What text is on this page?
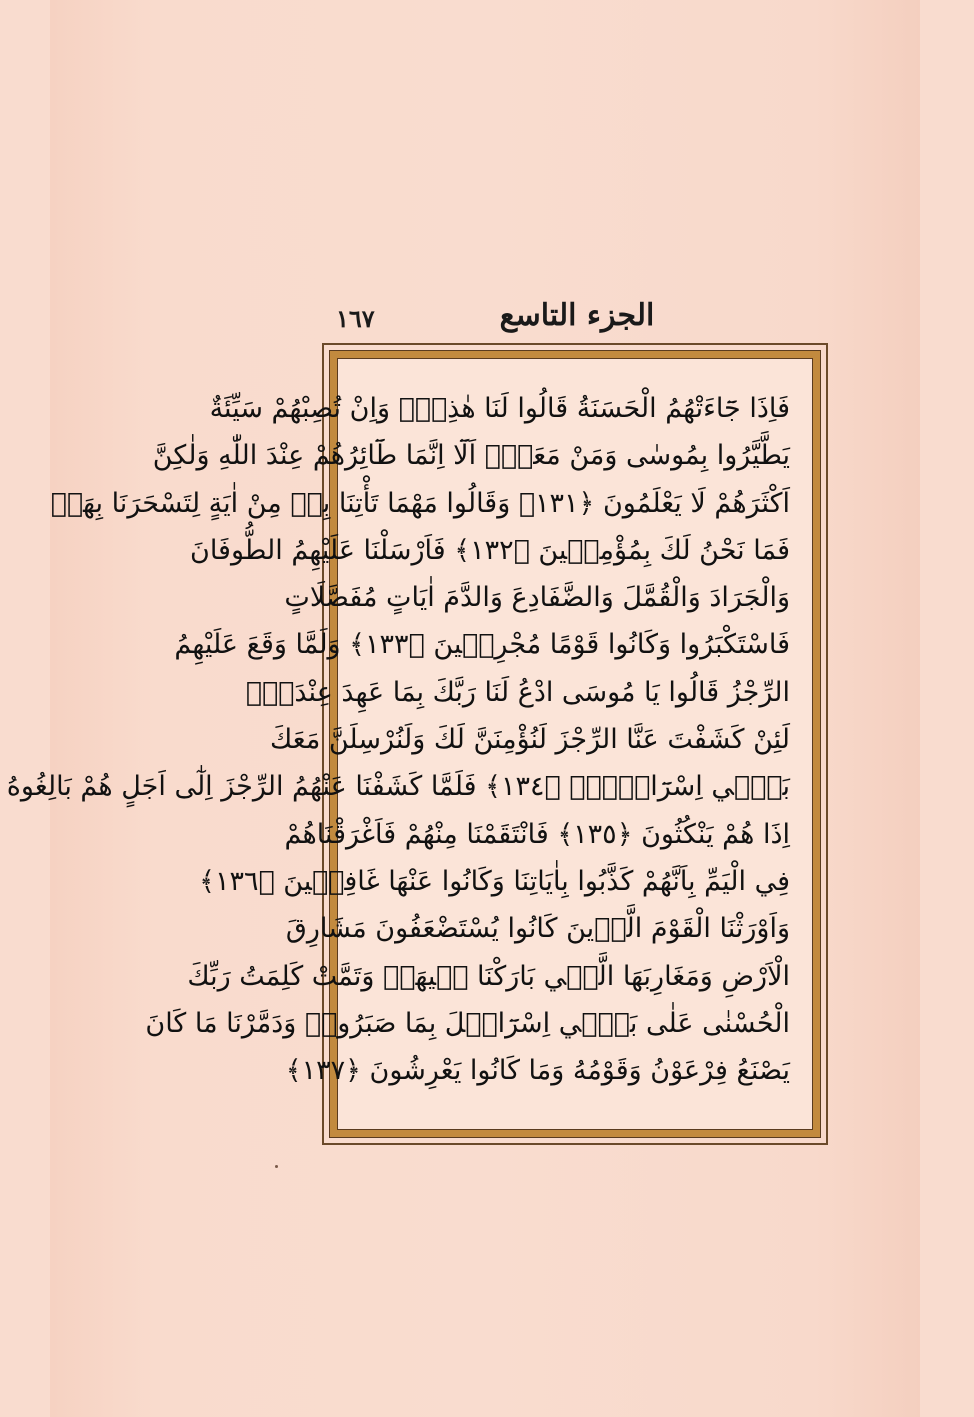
١٦٧	الجزء التاسع
فَاِذَا جَٓاءَتْهُمُ الْحَسَنَةُ قَالُوا لَنَا هٰذِهٖۚ وَاِنْ تُصِبْهُمْ سَيِّئَةٌ
يَطَّيَّرُوا بِمُوسٰى وَمَنْ مَعَهُۜ اَلَٓا اِنَّمَا طَٓائِرُهُمْ عِنْدَ اللّٰهِ وَلٰكِنَّ
اَكْثَرَهُمْ لَا يَعْلَمُونَ ﴿١٣١﴾ وَقَالُوا مَهْمَا تَأْتِنَا بِهٖ مِنْ اٰيَةٍ لِتَسْحَرَنَا بِهَاۙ
فَمَا نَحْنُ لَكَ بِمُؤْمِنٖينَ ﴿١٣٢﴾ فَاَرْسَلْنَا عَلَيْهِمُ الطُّوفَانَ
وَالْجَرَادَ وَالْقُمَّلَ وَالضَّفَادِعَ وَالدَّمَ اٰيَاتٍ مُفَصَّلَاتٍ
فَاسْتَكْبَرُوا وَكَانُوا قَوْمًا مُجْرِمٖينَ ﴿١٣٣﴾ وَلَمَّا وَقَعَ عَلَيْهِمُ
الرِّجْزُ قَالُوا يَا مُوسَى ادْعُ لَنَا رَبَّكَ بِمَا عَهِدَ عِنْدَكَۚ
لَئِنْ كَشَفْتَ عَنَّا الرِّجْزَ لَنُؤْمِنَنَّ لَكَ وَلَنُرْسِلَنَّ مَعَكَ
بَنٖٓي اِسْرَٓائٖلَۚ ﴿١٣٤﴾ فَلَمَّا كَشَفْنَا عَنْهُمُ الرِّجْزَ اِلٰٓى اَجَلٍ هُمْ بَالِغُوهُ
اِذَا هُمْ يَنْكُثُونَ ﴿١٣٥﴾ فَانْتَقَمْنَا مِنْهُمْ فَاَغْرَقْنَاهُمْ
فِي الْيَمِّ بِاَنَّهُمْ كَذَّبُوا بِاٰيَاتِنَا وَكَانُوا عَنْهَا غَافِلٖينَ ﴿١٣٦﴾
وَاَوْرَثْنَا الْقَوْمَ الَّذٖينَ كَانُوا يُسْتَضْعَفُونَ مَشَارِقَ
الْاَرْضِ وَمَغَارِبَهَا الَّتٖي بَارَكْنَا فٖيهَاۜ وَتَمَّتْ كَلِمَتُ رَبِّكَ
الْحُسْنٰى عَلٰى بَنٖٓي اِسْرَٓائٖلَ بِمَا صَبَرُواۜ وَدَمَّرْنَا مَا كَانَ
يَصْنَعُ فِرْعَوْنُ وَقَوْمُهُ وَمَا كَانُوا يَعْرِشُونَ ﴿١٣٧﴾
